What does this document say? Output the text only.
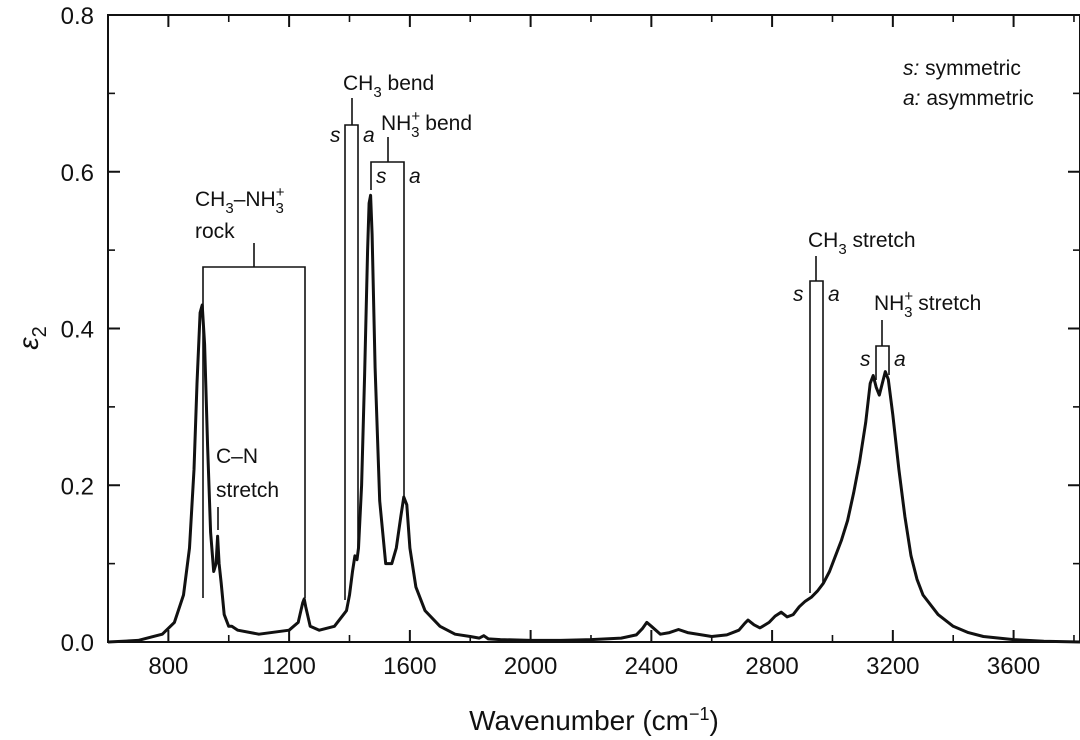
800	1200	1600	2000	2400	2800	3200	3600
0.0
0.2
0.4
0.6
0.8
Wavenumber $(cm^{-1})$
$\varepsilon_2$
s: symmetric
a: asymmetric
$CH_3-NH^+$ 3
rock
C–N
stretch
$CH_3$ bend
s a
NH+ 3 bend
s a
$CH_3$ stretch
s a NH+ 3 stretch
s a
